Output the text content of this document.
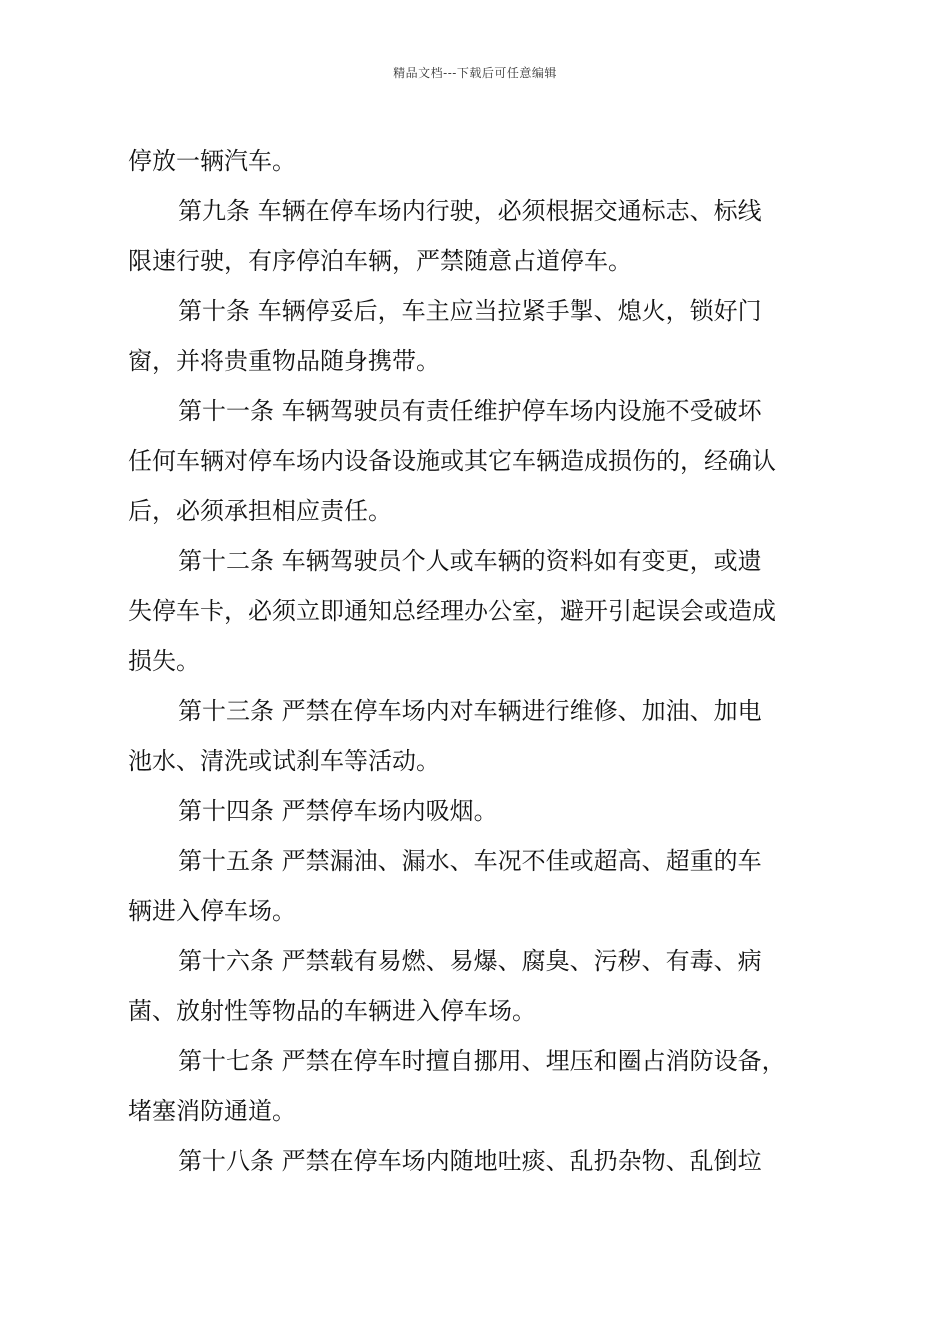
精品文档---下载后可任意编辑
停放一辆汽车。
第九条 车辆在停车场内行驶，必须根据交通标志、标线
限速行驶，有序停泊车辆，严禁随意占道停车。
第十条 车辆停妥后，车主应当拉紧手掣、熄火，锁好门
窗，并将贵重物品随身携带。
第十一条 车辆驾驶员有责任维护停车场内设施不受破坏
任何车辆对停车场内设备设施或其它车辆造成损伤的，经确认
后，必须承担相应责任。
第十二条 车辆驾驶员个人或车辆的资料如有变更，或遗
失停车卡，必须立即通知总经理办公室，避开引起误会或造成
损失。
第十三条 严禁在停车场内对车辆进行维修、加油、加电
池水、清洗或试刹车等活动。
第十四条 严禁停车场内吸烟。
第十五条 严禁漏油、漏水、车况不佳或超高、超重的车
辆进入停车场。
第十六条 严禁载有易燃、易爆、腐臭、污秽、有毒、病
菌、放射性等物品的车辆进入停车场。
第十七条 严禁在停车时擅自挪用、埋压和圈占消防设备，
堵塞消防通道。
第十八条 严禁在停车场内随地吐痰、乱扔杂物、乱倒垃
